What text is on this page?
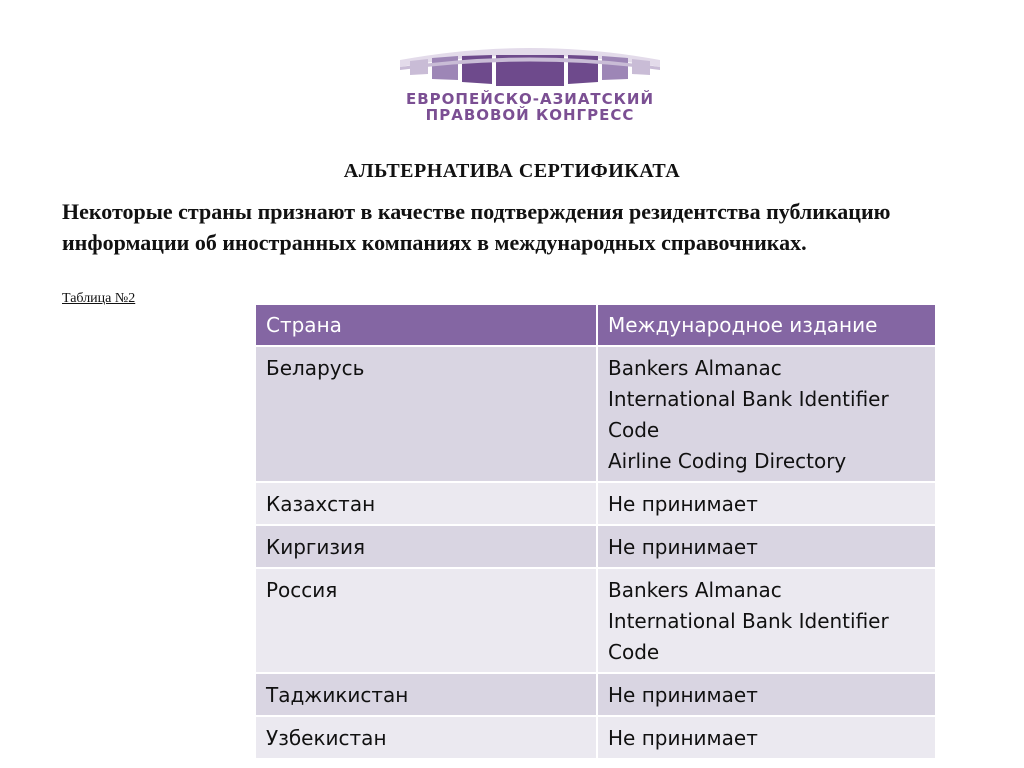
ЕВРОПЕЙСКО-АЗИАТСКИЙ
ПРАВОВОЙ КОНГРЕСС
АЛЬТЕРНАТИВА СЕРТИФИКАТА
Некоторые страны признают в качестве подтверждения резидентства публикацию информации об иностранных компаниях в международных справочниках.
Таблица №2
Страна	Международное издание
Беларусь	Bankers Almanac
International Bank Identifier Code
Airline Coding Directory

Казахстан	Не принимает

Киргизия	Не принимает

Россия	Bankers Almanac
International Bank Identifier Code

Таджикистан	Не принимает

Узбекистан	Не принимает
